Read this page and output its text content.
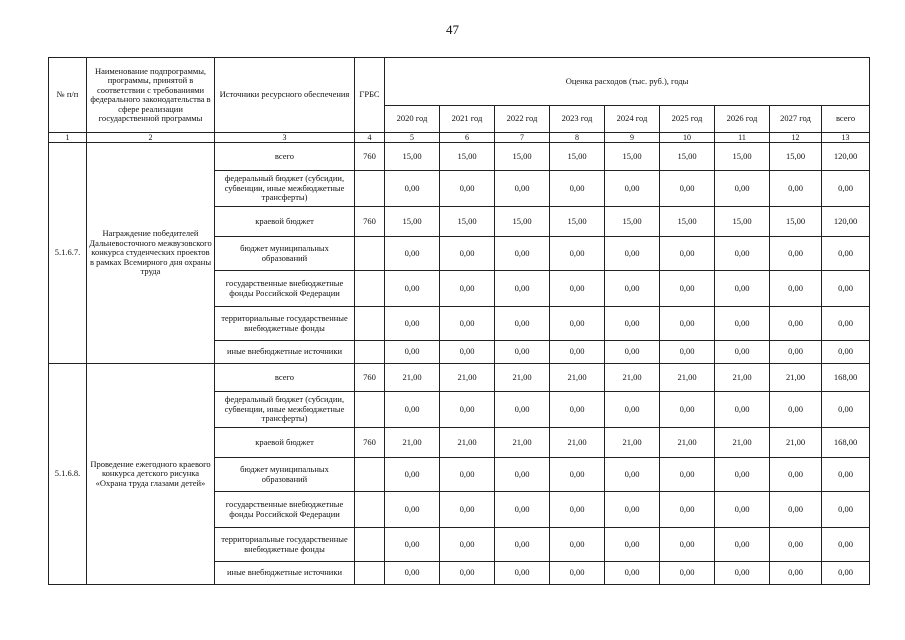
47
№ п/п	Наименование подпрограммы, программы, принятой в соответствии с требованиями федерального законодательства в сфере реализации государственной программы	Источники ресурсного обеспечения	ГРБС	Оценка расходов (тыс. руб.), годы								
				2020 год	2021 год	2022 год	2023 год	2024 год	2025 год	2026 год	2027 год	всего
1	2	3	4	5	6	7	8	9	10	11	12	13
5.1.6.7.	Награждение победителей Дальневосточного межвузовского конкурса студенческих проектов в рамках Всемирного дня охраны труда	всего	760	15,00	15,00	15,00	15,00	15,00	15,00	15,00	15,00	120,00
		федеральный бюджет (субсидии, субвенции, иные межбюджетные трансферты)		0,00	0,00	0,00	0,00	0,00	0,00	0,00	0,00	0,00
		краевой бюджет	760	15,00	15,00	15,00	15,00	15,00	15,00	15,00	15,00	120,00
		бюджет муниципальных образований		0,00	0,00	0,00	0,00	0,00	0,00	0,00	0,00	0,00
		государственные внебюджетные фонды Российской Федерации		0,00	0,00	0,00	0,00	0,00	0,00	0,00	0,00	0,00
		территориальные государственные внебюджетные фонды		0,00	0,00	0,00	0,00	0,00	0,00	0,00	0,00	0,00
		иные внебюджетные источники		0,00	0,00	0,00	0,00	0,00	0,00	0,00	0,00	0,00
5.1.6.8.	Проведение ежегодного краевого конкурса детского рисунка «Охрана труда глазами детей»	всего	760	21,00	21,00	21,00	21,00	21,00	21,00	21,00	21,00	168,00
		федеральный бюджет (субсидии, субвенции, иные межбюджетные трансферты)		0,00	0,00	0,00	0,00	0,00	0,00	0,00	0,00	0,00
		краевой бюджет	760	21,00	21,00	21,00	21,00	21,00	21,00	21,00	21,00	168,00
		бюджет муниципальных образований		0,00	0,00	0,00	0,00	0,00	0,00	0,00	0,00	0,00
		государственные внебюджетные фонды Российской Федерации		0,00	0,00	0,00	0,00	0,00	0,00	0,00	0,00	0,00
		территориальные государственные внебюджетные фонды		0,00	0,00	0,00	0,00	0,00	0,00	0,00	0,00	0,00
		иные внебюджетные источники		0,00	0,00	0,00	0,00	0,00	0,00	0,00	0,00	0,00
